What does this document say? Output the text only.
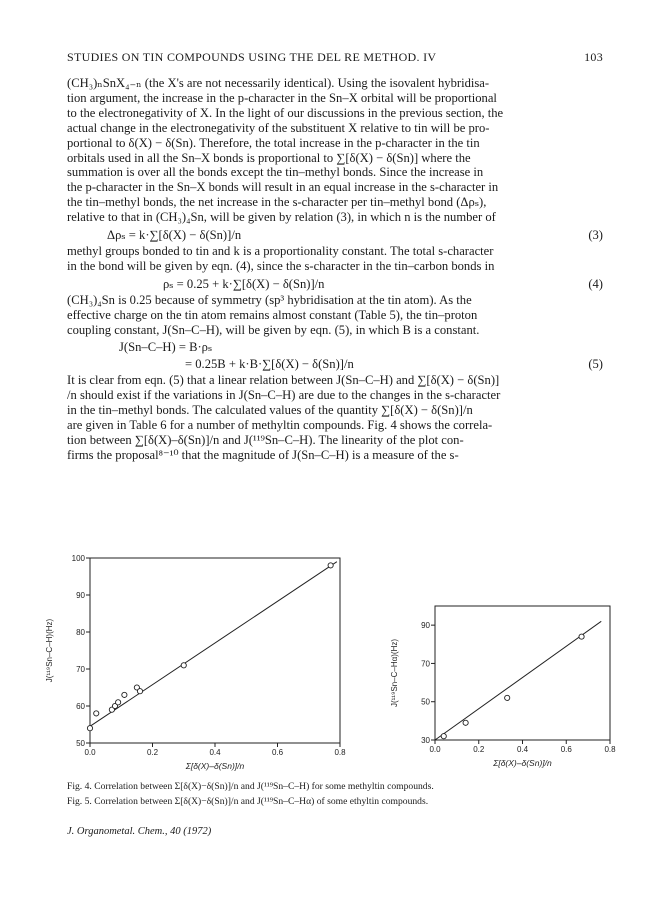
STUDIES ON TIN COMPOUNDS USING THE DEL RE METHOD. IV	103
(CH₃)ₙSnX₄₋ₙ (the X's are not necessarily identical). Using the isovalent hybridisa-
tion argument, the increase in the p-character in the Sn–X orbital will be proportional
to the electronegativity of X. In the light of our discussions in the previous section, the
actual change in the electronegativity of the substituent X relative to tin will be pro-
portional to δ(X) − δ(Sn). Therefore, the total increase in the p-character in the tin
orbitals used in all the Sn–X bonds is proportional to ∑[δ(X) − δ(Sn)] where the
summation is over all the bonds except the tin–methyl bonds. Since the increase in
the p-character in the Sn–X bonds will result in an equal increase in the s-character in
the tin–methyl bonds, the net increase in the s-character per tin–methyl bond (Δρₛ),
relative to that in (CH₃)₄Sn, will be given by relation (3), in which n is the number of
Δρₛ = k·∑[δ(X) − δ(Sn)]/n	(3)
methyl groups bonded to tin and k is a proportionality constant. The total s-character
in the bond will be given by eqn. (4), since the s-character in the tin–carbon bonds in
ρₛ = 0.25 + k·∑[δ(X) − δ(Sn)]/n	(4)
(CH₃)₄Sn is 0.25 because of symmetry (sp³ hybridisation at the tin atom). As the
effective charge on the tin atom remains almost constant (Table 5), the tin–proton
coupling constant, J(Sn–C–H), will be given by eqn. (5), in which B is a constant.
J(Sn–C–H) = B·ρₛ
= 0.25B + k·B·∑[δ(X) − δ(Sn)]/n	(5)
It is clear from eqn. (5) that a linear relation between J(Sn–C–H) and ∑[δ(X) − δ(Sn)]
/n should exist if the variations in J(Sn–C–H) are due to the changes in the s-character
in the tin–methyl bonds. The calculated values of the quantity ∑[δ(X) − δ(Sn)]/n
are given in Table 6 for a number of methyltin compounds. Fig. 4 shows the correla-
tion between ∑[δ(X)–δ(Sn)]/n and J(¹¹⁹Sn–C–H). The linearity of the plot con-
firms the proposal⁸⁻¹⁰ that the magnitude of J(Sn–C–H) is a measure of the s-
0.0	0.2	0.4	0.6	0.8
50
60
70
80
90
100
Σ[δ(X)–δ(Sn)]/n
J(¹¹⁹Sn–C–H)(Hz)
0.0	0.2	0.4	0.6	0.8
30
50
70
90
Σ[δ(X)–δ(Sn)]/n
J(¹¹⁹Sn–C–Hα)(Hz)
Fig. 4. Correlation between Σ[δ(X)−δ(Sn)]/n and J(¹¹⁹Sn–C–H) for some methyltin compounds.
Fig. 5. Correlation between Σ[δ(X)−δ(Sn)]/n and J(¹¹⁹Sn–C–Hα) of some ethyltin compounds.
J. Organometal. Chem., 40 (1972)
